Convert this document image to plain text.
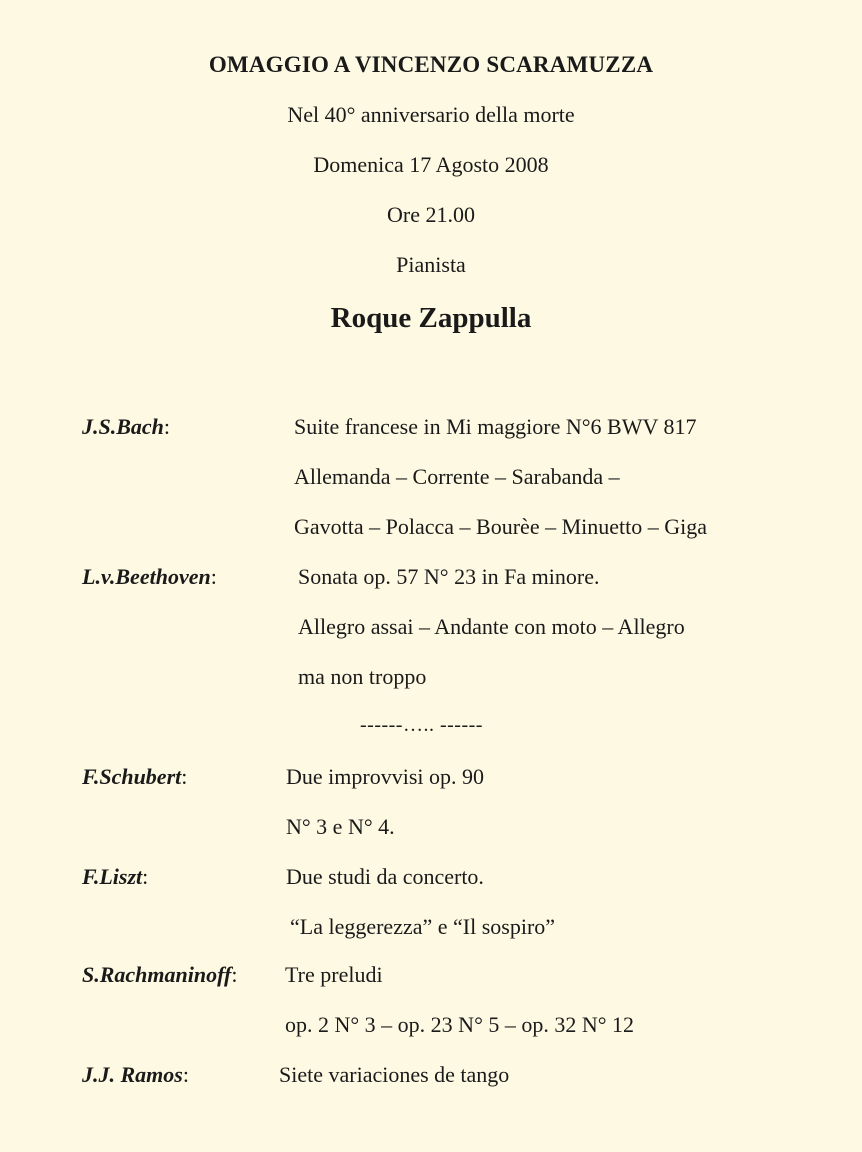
OMAGGIO A VINCENZO SCARAMUZZA
Nel 40° anniversario della morte
Domenica 17 Agosto 2008
Ore 21.00
Pianista
Roque Zappulla
J.S.Bach:	Suite francese in Mi maggiore N°6 BWV 817
Allemanda – Corrente – Sarabanda –
Gavotta – Polacca – Bourèe – Minuetto – Giga
L.v.Beethoven:	Sonata op. 57 N° 23 in Fa minore.
Allegro assai – Andante con moto – Allegro
ma non troppo
------….. ------
F.Schubert:	Due improvvisi op. 90
N° 3 e N° 4.
F.Liszt:	Due studi da concerto.
“La leggerezza” e “Il sospiro”
S.Rachmaninoff: Tre preludi
op. 2 N° 3 – op. 23 N° 5 – op. 32 N° 12
J.J. Ramos:	Siete variaciones de tango
